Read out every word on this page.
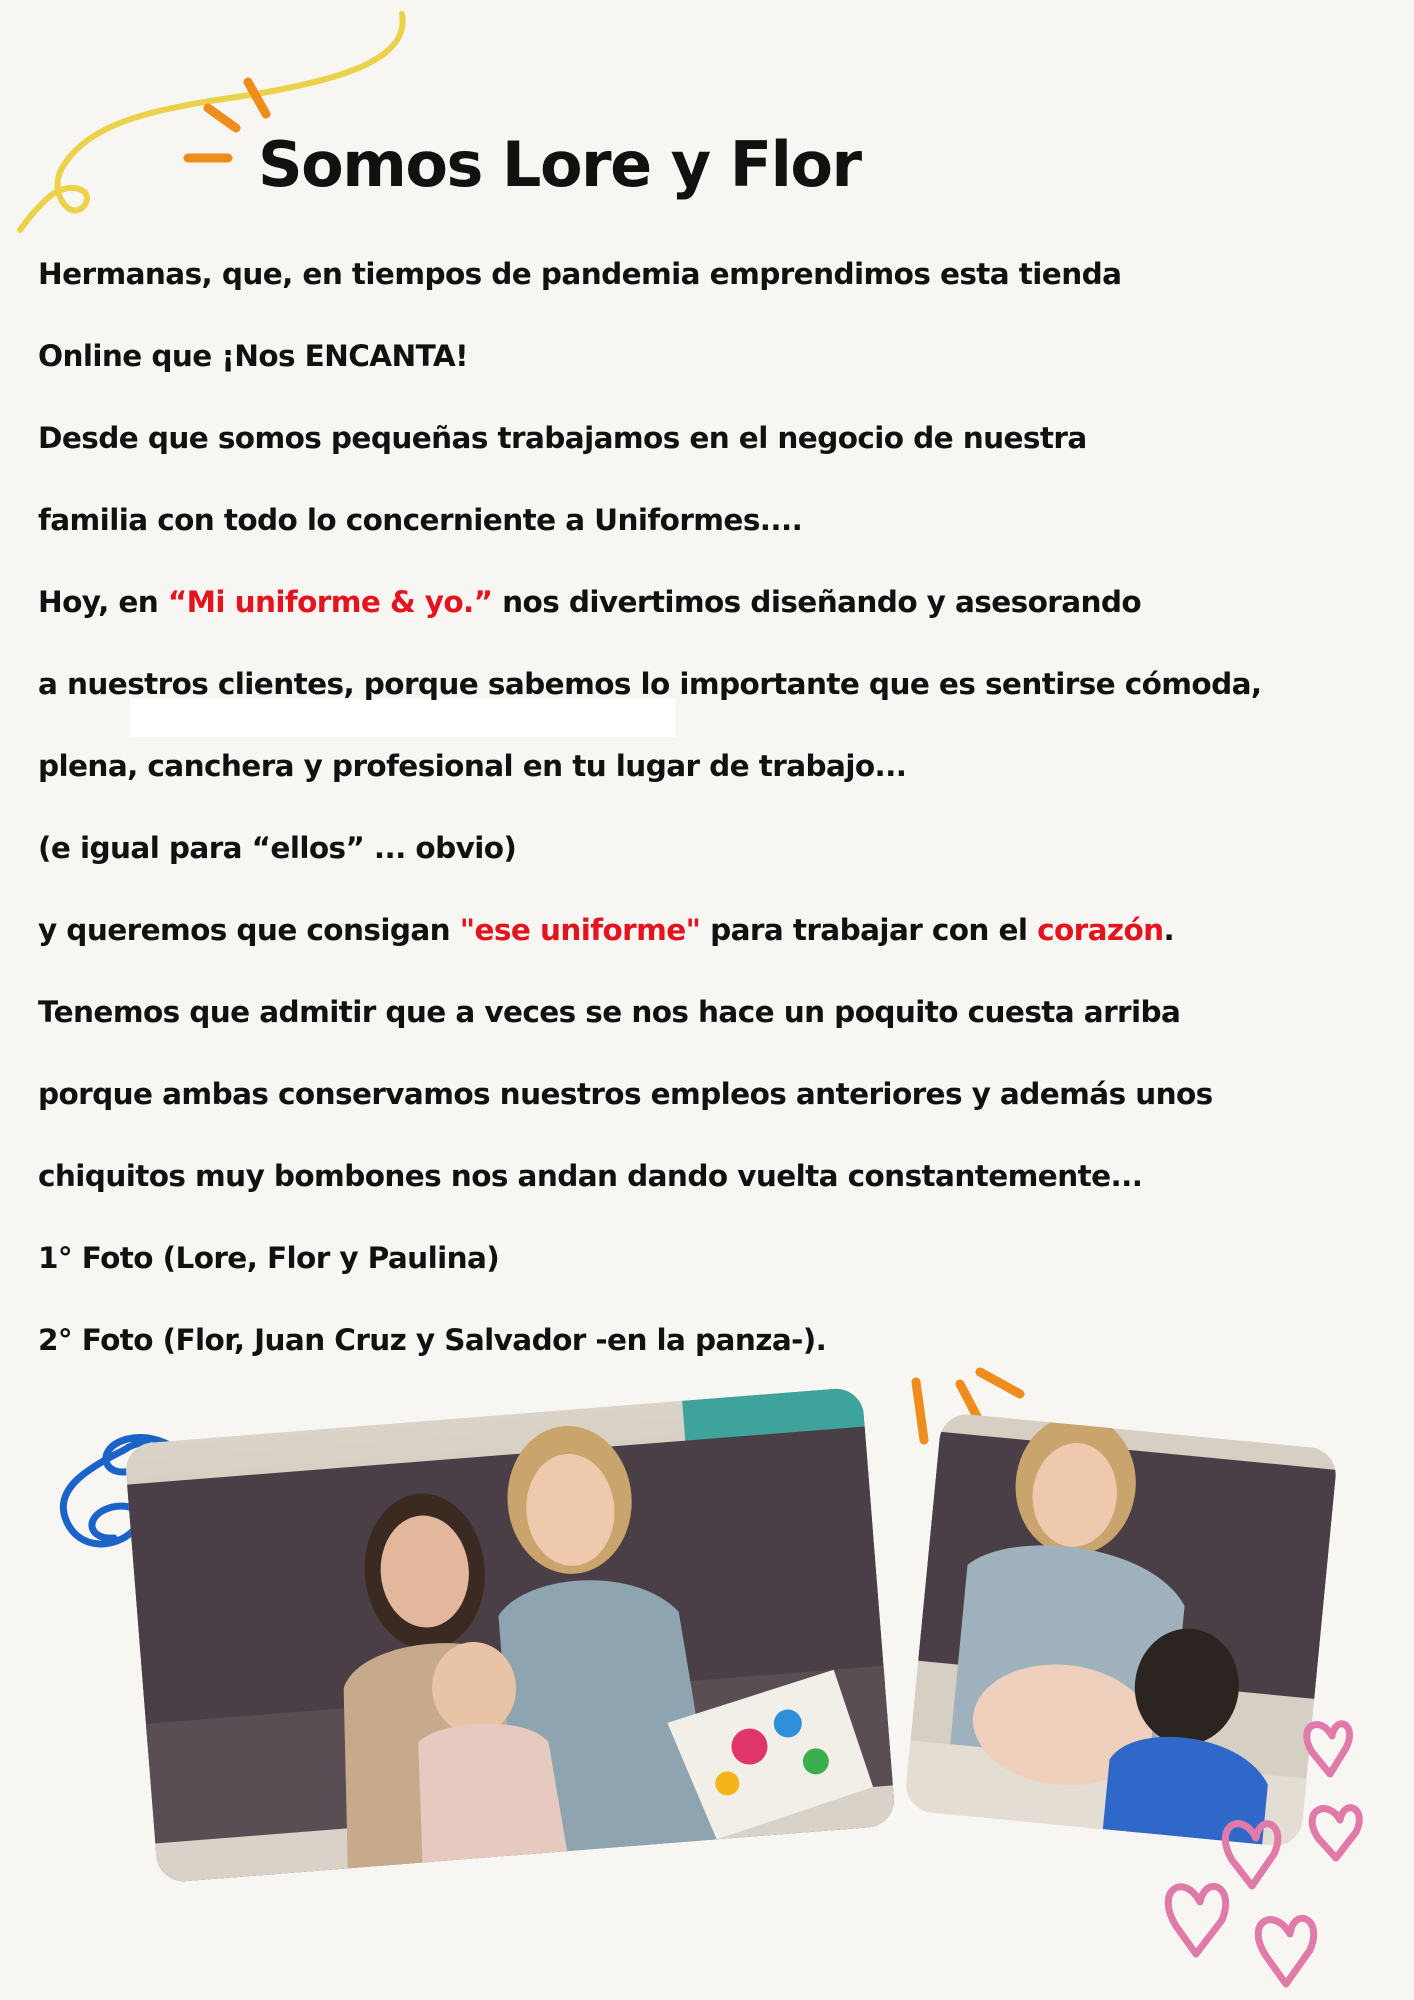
Somos Lore y Flor
Hermanas, que, en tiempos de pandemia emprendimos esta tienda
Online que ¡Nos ENCANTA!
Desde que somos pequeñas trabajamos en el negocio de nuestra
familia con todo lo concerniente a Uniformes....
Hoy, en “Mi uniforme & yo.” nos divertimos diseñando y asesorando
a nuestros clientes, porque sabemos lo importante que es sentirse cómoda,
plena, canchera y profesional en tu lugar de trabajo...
(e igual para “ellos” ... obvio)
y queremos que consigan "ese uniforme" para trabajar con el corazón.
Tenemos que admitir que a veces se nos hace un poquito cuesta arriba
porque ambas conservamos nuestros empleos anteriores y además unos
chiquitos muy bombones nos andan dando vuelta constantemente...
1° Foto (Lore, Flor y Paulina)
2° Foto (Flor, Juan Cruz y Salvador -en la panza-).
